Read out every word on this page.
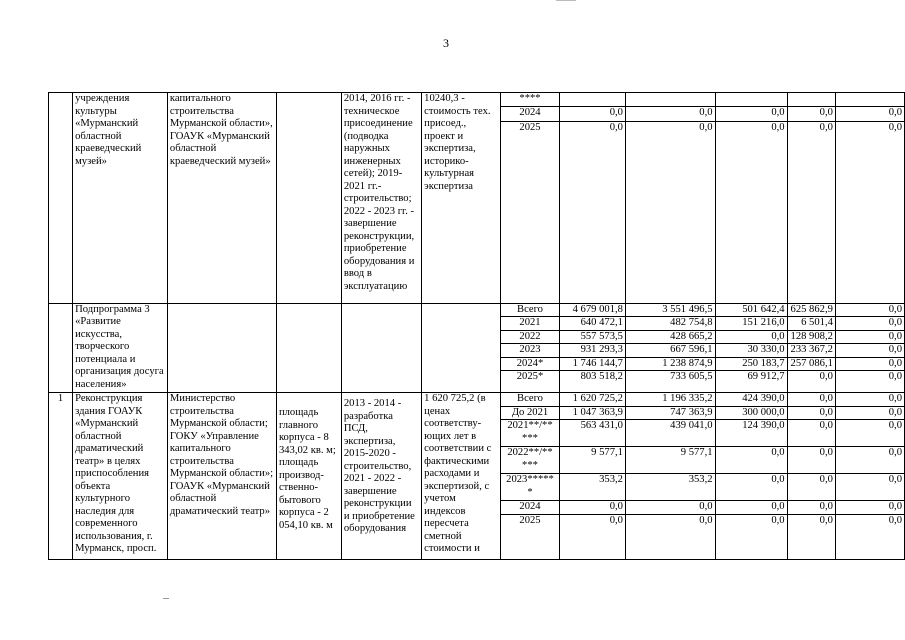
3
	учреждения культуры «Мурманский областной краеведческий музей»	капитального строительства Мурманской области», ГОАУК «Мурманский областной краеведческий музей»		2014, 2016 гг. - техническое присоединение (подводка наружных инженерных сетей); 2019-2021 гг.- строительство; 2022 - 2023 гг. - завершение реконструкции, приобретение оборудования и ввод в эксплуатацию	10240,3 - стоимость тех. присоед., проект и экспертиза, историко-культурная экспертиза	****					
						2024	0,0	0,0	0,0	0,0	0,0
						2025	0,0	0,0	0,0	0,0	0,0
	Подпрограмма 3 «Развитие искусства, творческого потенциала и организация досуга населения»					Всего	4 679 001,8	3 551 496,5	501 642,4	625 862,9	0,0
						2021	640 472,1	482 754,8	151 216,0	6 501,4	0,0
						2022	557 573,5	428 665,2	0,0	128 908,2	0,0
						2023	931 293,3	667 596,1	30 330,0	233 367,2	0,0
						2024*	1 746 144,7	1 238 874,9	250 183,7	257 086,1	0,0
						2025*	803 518,2	733 605,5	69 912,7	0,0	0,0
1	Реконструкция здания ГОАУК «Мурманский областной драматический театр» в целях приспособления объекта культурного наследия для современного использования, г. Мурманск, просп.	Министерство строительства Мурманской области; ГОКУ «Управление капитального строительства Мурманской области»; ГОАУК «Мурманский областной драматический театр»	площадь главного корпуса - 8 343,02 кв. м; площадь производ-ственно-бытового корпуса - 2 054,10 кв. м	2013 - 2014 - разработка ПСД, экспертиза, 2015-2020 - строительство, 2021 - 2022 - завершение реконструкции и приобретение оборудования	1 620 725,2 (в ценах соответству-ющих лет в соответствии с фактическими расходами и экспертизой, с учетом индексов пересчета сметной стоимости и	Всего	1 620 725,2	1 196 335,2	424 390,0	0,0	0,0
						До 2021	1 047 363,9	747 363,9	300 000,0	0,0	0,0
						2021**/** ***	563 431,0	439 041,0	124 390,0	0,0	0,0
						2022**/** ***	9 577,1	9 577,1	0,0	0,0	0,0
						2023***** *	353,2	353,2	0,0	0,0	0,0
						2024	0,0	0,0	0,0	0,0	0,0
						2025	0,0	0,0	0,0	0,0	0,0
